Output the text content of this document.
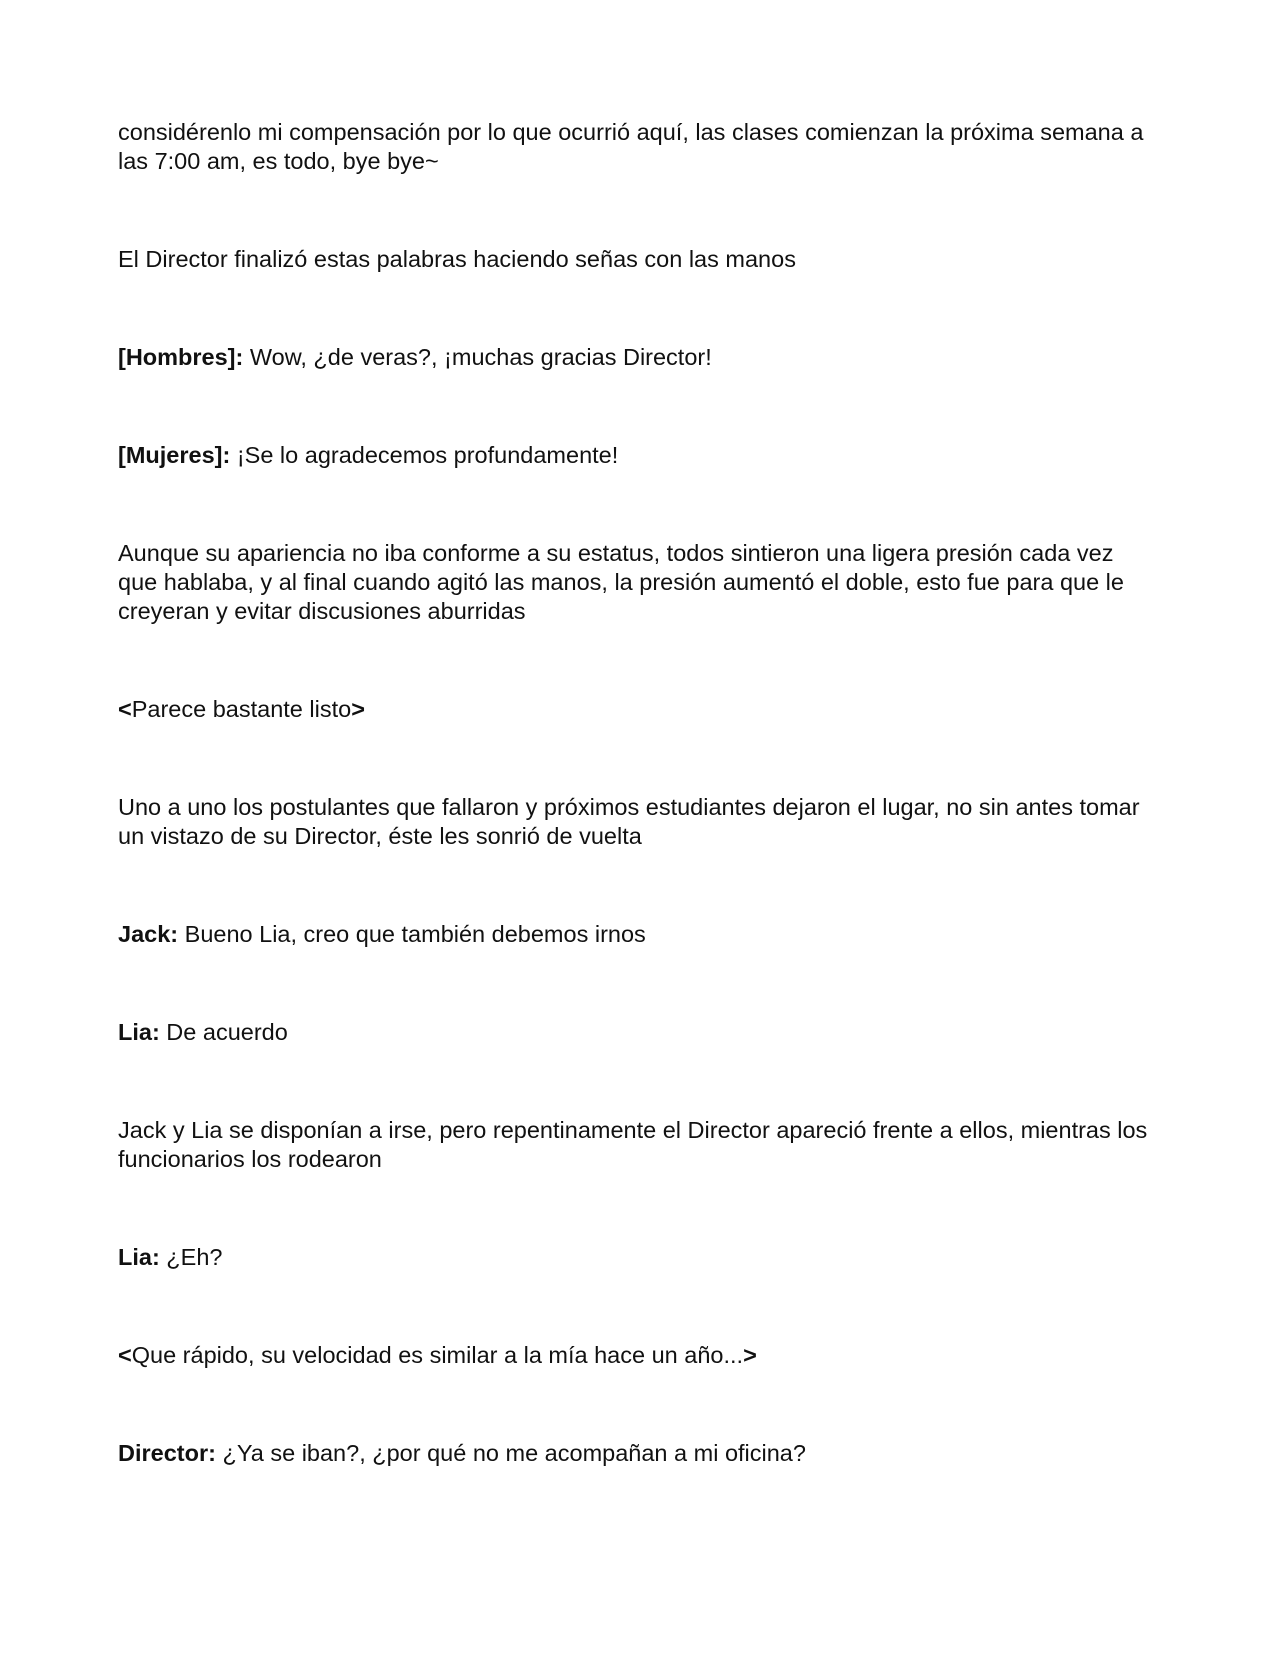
considérenlo mi compensación por lo que ocurrió aquí, las clases comienzan la próxima semana a las 7:00 am, es todo, bye bye~

El Director finalizó estas palabras haciendo señas con las manos

[Hombres]: Wow, ¿de veras?, ¡muchas gracias Director!

[Mujeres]: ¡Se lo agradecemos profundamente!

Aunque su apariencia no iba conforme a su estatus, todos sintieron una ligera presión cada vez que hablaba, y al final cuando agitó las manos, la presión aumentó el doble, esto fue para que le creyeran y evitar discusiones aburridas

<Parece bastante listo>

Uno a uno los postulantes que fallaron y próximos estudiantes dejaron el lugar, no sin antes tomar un vistazo de su Director, éste les sonrió de vuelta

Jack: Bueno Lia, creo que también debemos irnos

Lia: De acuerdo

Jack y Lia se disponían a irse, pero repentinamente el Director apareció frente a ellos, mientras los funcionarios los rodearon

Lia: ¿Eh?

<Que rápido, su velocidad es similar a la mía hace un año...>

Director: ¿Ya se iban?, ¿por qué no me acompañan a mi oficina?
